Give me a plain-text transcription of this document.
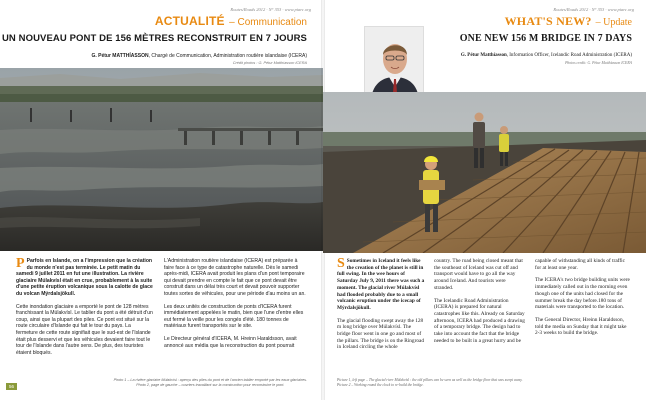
Routes/Roads 2012 · N° 353 · www.piarc.org
ACTUALITÉ – Communication
UN NOUVEAU PONT DE 156 MÈTRES RECONSTRUIT EN 7 JOURS
G. Pétur MATTHÍASSON, Chargé de Communication, Administration routière islandaise (ICERA)
Crédit photos : G. Pétur Matthíasson ICERA

P Parfois en Islande, on a l'impression que la création du monde n'est pas terminée. Le petit matin du samedi 9 juillet 2011 en fut une illustration. La rivière glaciaire Múlakvísl était en crue, probablement à la suite d'une petite éruption volcanique sous la calotte de glace du volcan Mýrdalsjökull.

Cette inondation glaciaire a emporté le pont de 128 mètres franchissant la Múlakvísl. Le tablier du pont a été détruit d'un coup, ainsi que la plupart des piles. Ce pont est situé sur la route circulaire d'Islande qui fait le tour du pays. La fermeture de cette route signifiait que le sud-est de l'Islande était plus desservi et que les véhicules devaient faire tout le tour de l'Islande dans l'autre sens. De plus, des touristes étaient bloqués.

L'Administration routière islandaise (ICERA) est préparée à faire face à ce type de catastrophe naturelle. Dès le samedi après-midi, ICERA avait produit les plans d'un pont temporaire qui devait prendre en compte le fait que ce pont devait être construit dans un délai très court et devait pouvoir supporter toutes sortes de véhicules, pour une période d'au moins un an.

Les deux unités de construction de ponts d'ICERA furent immédiatement appelées le matin, bien que l'une d'entre elles eut fermé la veille pour les congés d'été. 180 tonnes de matériaux furent transportés sur le site.

Le Directeur général d'ICERA, M. Hreinn Haraldsson, avait annoncé aux média que la reconstruction du pont pourrait

56
Photo 1 – La rivière glaciaire Múlakvísl : aperçu des piles du pont et de l'ancien tablier emporté par les eaux glaciaires.
Photo 2, page de gauche – ouvriers travaillant sur la construction pour reconstruire le pont.
Routes/Roads 2012 · N° 353 · www.piarc.org
WHAT'S NEW? – Update
ONE NEW 156 M BRIDGE IN 7 DAYS
G. Pétur Matthíasson, Information Officer, Icelandic Road Administration (ICERA)
Photos credit: G. Pétur Matthíasson ICERA

S Sometimes in Iceland it feels like the creation of the planet is still in full swing. In the wee hours of Saturday July 9, 2011 there was such a moment. The glacial river Múlakvísl had flooded probably due to a small volcanic eruption under the icecap of Mýrdalsjökull.

The glacial flooding swept away the 128 m long bridge over Múlakvísl. The bridge floor went in one go and most of the pillars. The bridge is on the Ringroad in Iceland circling the whole

country. The road being closed meant that the southeast of Iceland was cut off and transport would have to go all the way around Iceland. And tourists were stranded.

The Icelandic Road Administration (ICERA) is prepared for natural catastrophes like this. Already on Saturday afternoon, ICERA had produced a drawing of a temporary bridge. The design had to take into account the fact that the bridge needed to be built in a great hurry and be

capable of withstanding all kinds of traffic for at least one year.

The ICERA's two bridge building units were immediately called out in the morning even though one of the units had closed for the summer break the day before.180 tons of materials were transported to the location.

The General Director, Hreinn Haraldsson, told the media on Sunday that it might take 2-3 weeks to build the bridge.

Picture 1, left page – The glacial river Múlakvísl : the old pillars can be seen as well as the bridge floor that was swept away.
Picture 2 – Working round the clock to re-build the bridge.
